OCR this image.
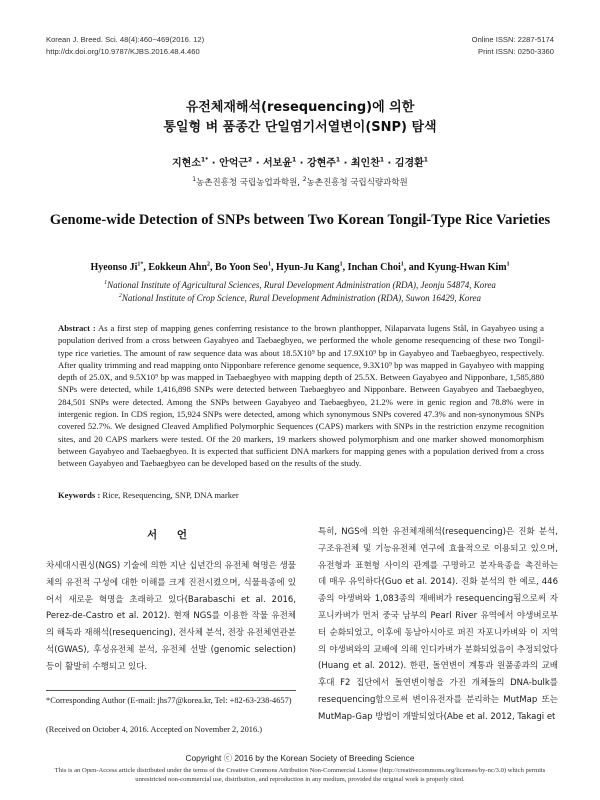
Korean J. Breed. Sci. 48(4):460~469(2016. 12)
http://dx.doi.org/10.9787/KJBS.2016.48.4.460
Online ISSN: 2287-5174
Print ISSN: 0250-3360
유전체재해석(resequencing)에 의한
통일형 벼 품종간 단일염기서열변이(SNP) 탐색
지현소$^{1*}$ · 안억근$^2$ · 서보윤$^1$ · 강현주$^1$ · 최인찬$^1$ · 김경환$^1$
$^1$농촌진흥청 국립농업과학원, $^2$농촌진흥청 국립식량과학원
Genome-wide Detection of SNPs between Two Korean Tongil-Type Rice Varieties
Hyeonso $Ji^{1*}$, Eokkeun Ahn$^2$, Bo Yoon Seo$^1$, Hyun-Ju Kang$^1$, Inchan Choi$^1$, and Kyung-Hwan Kim$^1$
$^1$National Institute of Agricultural Sciences, Rural Development Administration (RDA), Jeonju 54874, Korea
$^2$National Institute of Crop Science, Rural Development Administration (RDA), Suwon 16429, Korea
Abstract : As a first step of mapping genes conferring resistance to the brown planthopper, Nilaparvata lugens Stål, in Gayabyeo using a population derived from a cross between Gayabyeo and Taebaegbyeo, we performed the whole genome resequencing of these two Tongil-type rice varieties. The amount of raw sequence data was about 18.5X10⁹ bp and 17.9X10⁹ bp in Gayabyeo and Taebaegbyeo, respectively. After quality trimming and read mapping onto Nipponbare reference genome sequence, 9.3X10⁹ bp was mapped in Gayabyeo with mapping depth of 25.0X, and 9.5X10⁹ bp was mapped in Taebaegbyeo with mapping depth of 25.5X. Between Gayabyeo and Nipponbare, 1,585,880 SNPs were detected, while 1,416,898 SNPs were detected between Taebaegbyeo and Nipponbare. Between Gayabyeo and Taebaegbyeo, 284,501 SNPs were detected. Among the SNPs between Gayabyeo and Taebaegbyeo, 21.2% were in genic region and 78.8% were in intergenic region. In CDS region, 15,924 SNPs were detected, among which synonymous SNPs covered 47.3% and non-synonymous SNPs covered 52.7%. We designed Cleaved Amplified Polymorphic Sequences (CAPS) markers with SNPs in the restriction enzyme recognition sites, and 20 CAPS markers were tested. Of the 20 markers, 19 markers showed polymorphism and one marker showed monomorphism between Gayabyeo and Taebaegbyeo. It is expected that sufficient DNA markers for mapping genes with a population derived from a cross between Gayabyeo and Taebaegbyeo can be developed based on the results of the study.
Keywords : Rice, Resequencing, SNP, DNA marker
서 언
차세대시퀀싱(NGS) 기술에 의한 지난 십년간의 유전체 혁명은 생물체의 유전적 구성에 대한 이해를 크게 진전시켰으며, 식물육종에 있어서 새로운 혁명을 초래하고 있다(Barabaschi et al. 2016, Perez-de-Castro et al. 2012). 현재 NGS를 이용한 작물 유전체의 해독과 재해석(resequencing), 전사체 분석, 전장 유전체연관분석(GWAS), 후성유전체 분석, 유전체 선발 (genomic selection) 등이 활발히 수행되고 있다.
특히, NGS에 의한 유전체재해석(resequencing)은 진화 분석, 구조유전체 및 기능유전체 연구에 효율적으로 이용되고 있으며, 유전형과 표현형 사이의 관계를 구명하고 분자육종을 촉진하는 데 매우 유익하다(Guo et al. 2014). 진화 분석의 한 예로, 446종의 야생벼와 1,083종의 재배벼가 resequencing됨으로써 자포니카벼가 먼저 중국 남부의 Pearl River 유역에서 야생벼로부터 순화되었고, 이후에 동남아시아로 퍼진 자포니카벼와 이 지역의 야생벼와의 교배에 의해 인디카벼가 분화되었음이 추정되었다(Huang et al. 2012). 한편, 돌연변이 계통과 원품종과의 교배 후대 F2 집단에서 돌연변이형을 가진 개체들의 DNA-bulk를 resequencing함으로써 변이유전자를 분리하는 MutMap 또는 MutMap-Gap 방법이 개발되었다(Abe et al. 2012, Takagi et
*Corresponding Author (E-mail: jhs77@korea.kr, Tel: +82-63-238-4657)
(Received on October 4, 2016. Accepted on November 2, 2016.)
Copyright ⓒ 2016 by the Korean Society of Breeding Science
This is an Open-Access article distributed under the terms of the Creative Commons Attribution Non-Commercial License (http://creativecommons.org/licenses/by-nc/3.0) which permits unrestricted non-commercial use, distribution, and reproduction in any medium, provided the original work is properly cited.
